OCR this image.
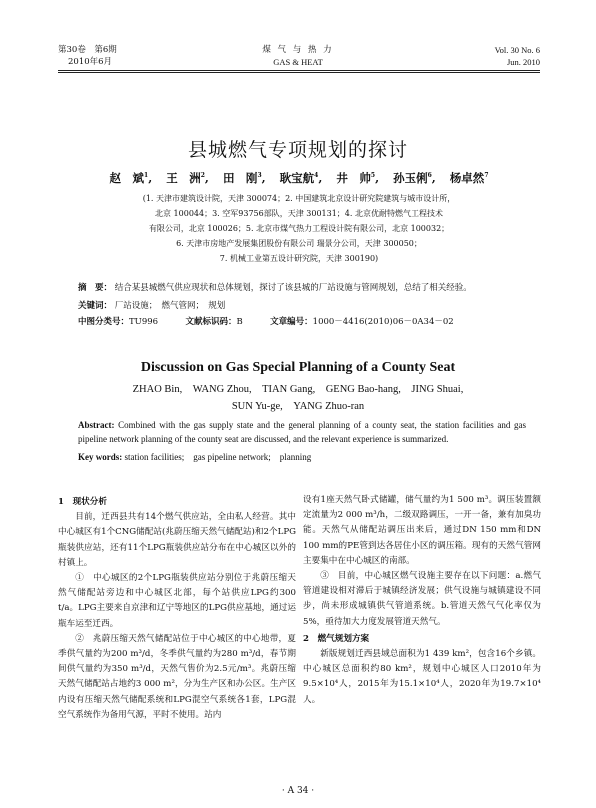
第30卷　第6期
2010年6月
煤 气 与 热 力
GAS & HEAT
Vol. 30 No. 6
Jun. 2010
县城燃气专项规划的探讨
赵　斌$^1$, 王　洲$^2$, 田　刚$^3$, 耿宝航$^4$, 井　帅$^5$, 孙玉俐$^6$, 杨卓然$^7$
(1. 天津市建筑设计院，天津 300074；2. 中国建筑北京设计研究院建筑与城市设计所，
北京 100044；3. 空军93756部队，天津 300131；4. 北京优耐特燃气工程技术
有限公司，北京 100026；5. 北京市煤气热力工程设计院有限公司，北京 100032；
6. 天津市房地产发展集团股份有限公司 瑞景分公司，天津 300050；
7. 机械工业第五设计研究院，天津 300190)
摘　要： 结合某县城燃气供应现状和总体规划，探讨了该县城的厂站设施与管网规划，总结了相关经验。
关键词： 厂站设施；　燃气管网；　规划
中图分类号：TU996	文献标识码：B	文章编号：1000－4416(2010)06－0A34－02
Discussion on Gas Special Planning of a County Seat
ZHAO Bin,　WANG Zhou,　TIAN Gang,　GENG Bao-hang,　JING Shuai,
SUN Yu-ge,　YANG Zhuo-ran
Abstract: Combined with the gas supply state and the general planning of a county seat, the station facilities and gas pipeline network planning of the county seat are discussed, and the relevant experience is summarized.
Key words: station facilities;　gas pipeline network;　planning

1　现状分析

目前，迁西县共有14个燃气供应站，全由私人经营。其中中心城区有1个CNG储配站(兆蔚压缩天然气储配站)和2个LPG瓶装供应站，还有11个LPG瓶装供应站分布在中心城区以外的村镇上。

①　中心城区的2个LPG瓶装供应站分别位于兆蔚压缩天然气储配站旁边和中心城区北部，每个站供应LPG约300 t/a。LPG主要来自京津和辽宁等地区的LPG供应基地，通过运瓶车运至迁西。

②　兆蔚压缩天然气储配站位于中心城区的中心地带，夏季供气量约为200 m³/d，冬季供气量约为280 m³/d，春节期间供气量约为350 m³/d，天然气售价为2.5元/m³。兆蔚压缩天然气储配站占地约3 000 m²，分为生产区和办公区。生产区内设有压缩天然气储配系统和LPG混空气系统各1套，LPG混空气系统作为备用气源，平时不使用。站内

设有1座天然气卧式储罐，储气量约为1 500 m³。调压装置额定流量为2 000 m³/h，二级双路调压，一开一备，兼有加臭功能。天然气从储配站调压出来后，通过DN 150 mm和DN 100 mm的PE管到达各居住小区的调压箱。现有的天然气管网主要集中在中心城区的南部。

③　目前，中心城区燃气设施主要存在以下问题：a.燃气管道建设相对滞后于城镇经济发展；供气设施与城镇建设不同步，尚未形成城镇供气管道系统。b.管道天然气气化率仅为5%，亟待加大力度发展管道天然气。

2　燃气规划方案

新版规划迁西县域总面积为1 439 km²，包含16个乡镇。中心城区总面积约80 km²，规划中心城区人口2010年为9.5×10⁴人，2015年为15.1×10⁴人，2020年为19.7×10⁴人。

· A 34 ·
